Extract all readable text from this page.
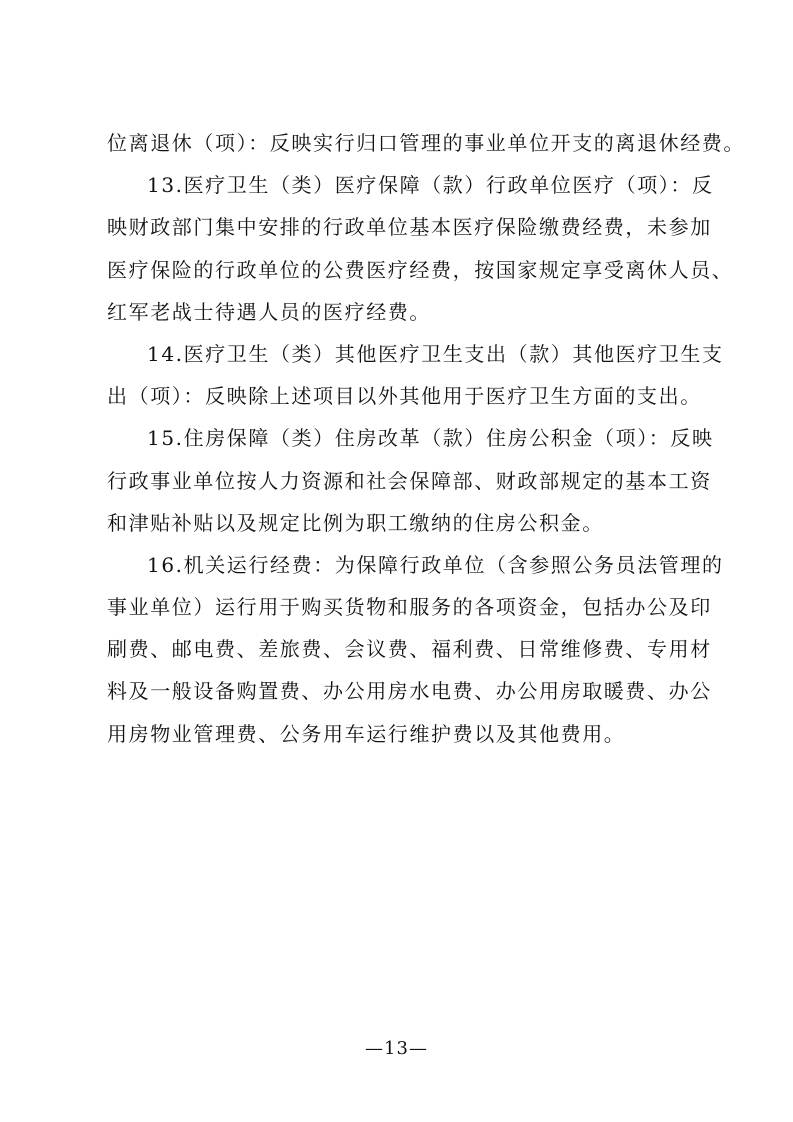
位离退休（项）：反映实行归口管理的事业单位开支的离退休经费。
13.医疗卫生（类）医疗保障（款）行政单位医疗（项）：反
映财政部门集中安排的行政单位基本医疗保险缴费经费，未参加
医疗保险的行政单位的公费医疗经费，按国家规定享受离休人员、
红军老战士待遇人员的医疗经费。
14.医疗卫生（类）其他医疗卫生支出（款）其他医疗卫生支
出（项）：反映除上述项目以外其他用于医疗卫生方面的支出。
15.住房保障（类）住房改革（款）住房公积金（项）：反映
行政事业单位按人力资源和社会保障部、财政部规定的基本工资
和津贴补贴以及规定比例为职工缴纳的住房公积金。
16.机关运行经费：为保障行政单位（含参照公务员法管理的
事业单位）运行用于购买货物和服务的各项资金，包括办公及印
刷费、邮电费、差旅费、会议费、福利费、日常维修费、专用材
料及一般设备购置费、办公用房水电费、办公用房取暖费、办公
用房物业管理费、公务用车运行维护费以及其他费用。
—13—
